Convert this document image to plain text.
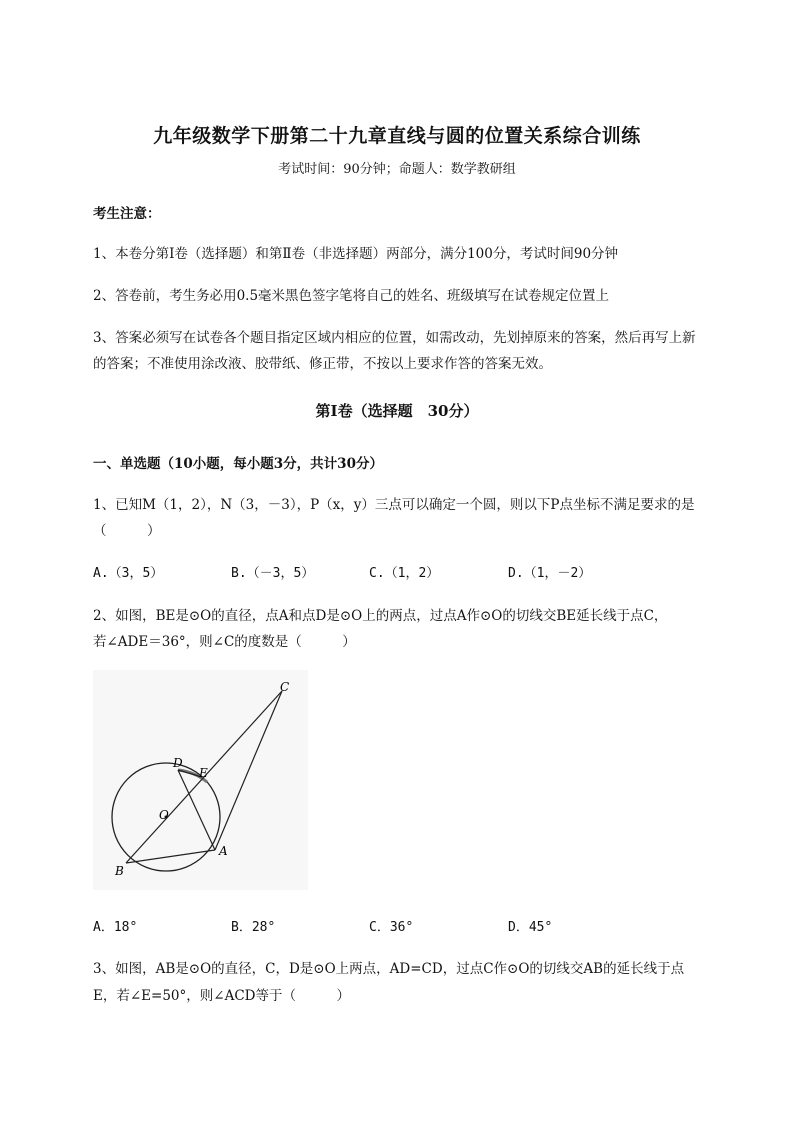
九年级数学下册第二十九章直线与圆的位置关系综合训练
考试时间：90分钟；命题人：数学教研组
考生注意：
1、本卷分第I卷（选择题）和第Ⅱ卷（非选择题）两部分，满分100分，考试时间90分钟
2、答卷前，考生务必用0.5毫米黑色签字笔将自己的姓名、班级填写在试卷规定位置上
3、答案必须写在试卷各个题目指定区域内相应的位置，如需改动，先划掉原来的答案，然后再写上新
的答案；不准使用涂改液、胶带纸、修正带，不按以上要求作答的答案无效。
第I卷（选择题　30分）
一、单选题（10小题，每小题3分，共计30分）
1、已知M（1，2），N（3，－3），P（x，y）三点可以确定一个圆，则以下P点坐标不满足要求的是
（　　　）
A.（3，5）	B.（－3，5）	C.（1，2）	D.（1，－2）
2、如图，BE是⊙O的直径，点A和点D是⊙O上的两点，过点A作⊙O的切线交BE延长线于点C，
若∠ADE＝36°，则∠C的度数是（　　　）
C
D
E
O
A
B
A．18°	B．28°	C．36°	D．45°
3、如图，AB是⊙O的直径，C，D是⊙O上两点，AD=CD，过点C作⊙O的切线交AB的延长线于点
E，若∠E=50°，则∠ACD等于（　　　）
